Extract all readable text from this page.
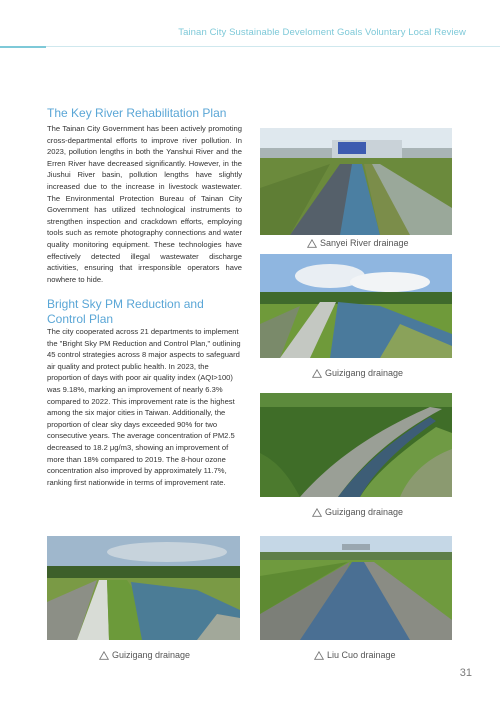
Tainan City Sustainable Develoment Goals Voluntary Local Review
The Key River Rehabilitation Plan

The Tainan City Government has been actively promoting cross-departmental efforts to improve river pollution. In 2023, pollution lengths in both the Yanshui River and the Erren River have decreased significantly. However, in the Jiushui River basin, pollution lengths have slightly increased due to the increase in livestock wastewater. The Environmental Protection Bureau of Tainan City Government has utilized technological instruments to strengthen inspection and crackdown efforts, employing tools such as remote photography connections and water quality monitoring equipment. These technologies have effectively detected illegal wastewater discharge activities, ensuring that irresponsible operators have nowhere to hide.

Bright Sky PM Reduction and
Control Plan

The city cooperated across 21 departments to implement the "Bright Sky PM Reduction and Control Plan," outlining 45 control strategies across 8 major aspects to safeguard air quality and protect public health. In 2023, the proportion of days with poor air quality index (AQI>100) was 9.18%, marking an improvement of nearly 6.3% compared to 2022. This improvement rate is the highest among the six major cities in Taiwan. Additionally, the proportion of clear sky days exceeded 90% for two consecutive years. The average concentration of PM2.5 decreased to 18.2 μg/m3, showing an improvement of more than 18% compared to 2019. The 8-hour ozone concentration also improved by approximately 11.7%, ranking first nationwide in terms of improvement rate.

Sanyei River drainage
Guizigang drainage
Guizigang drainage
Guizigang drainage	Liu Cuo drainage
31
